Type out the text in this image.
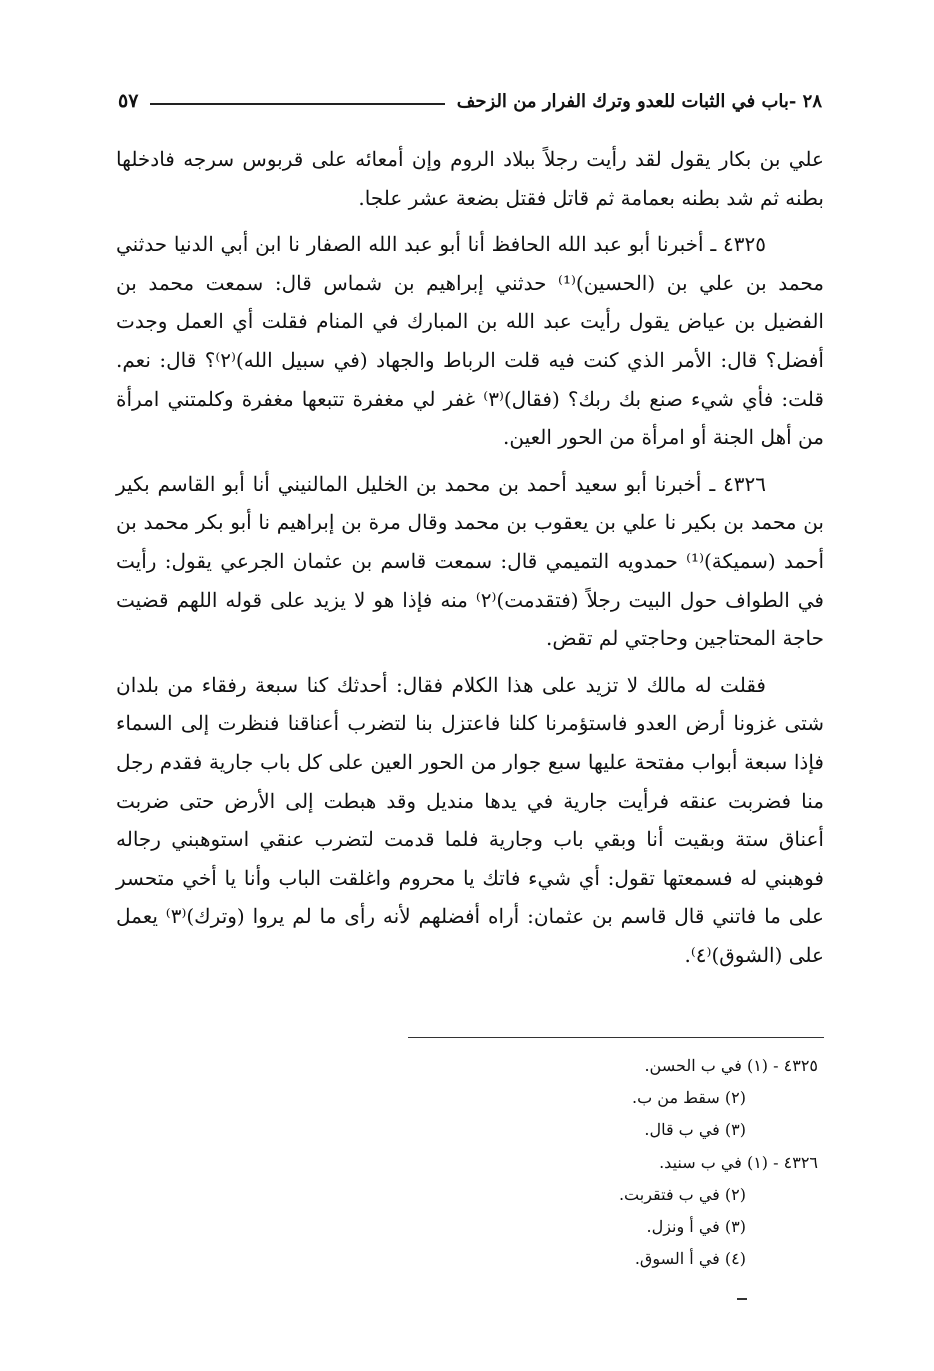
٢٨ -باب في الثبات للعدو وترك الفرار من الزحف
٥٧

علي بن بكار يقول لقد رأيت رجلاً ببلاد الروم وإن أمعائه على قربوس سرجه فادخلها بطنه ثم شد بطنه بعمامة ثم قاتل فقتل بضعة عشر علجا.

٤٣٢٥ ـ أخبرنا أبو عبد الله الحافظ أنا أبو عبد الله الصفار نا ابن أبي الدنيا حدثني محمد بن علي بن (الحسين)⁽¹⁾ حدثني إبراهيم بن شماس قال: سمعت محمد بن الفضيل بن عياض يقول رأيت عبد الله بن المبارك في المنام فقلت أي العمل وجدت أفضل؟ قال: الأمر الذي كنت فيه قلت الرباط والجهاد (في سبيل الله)⁽٢⁾؟ قال: نعم. قلت: فأي شيء صنع بك ربك؟ (فقال)⁽٣⁾ غفر لي مغفرة تتبعها مغفرة وكلمتني امرأة من أهل الجنة أو امرأة من الحور العين.

٤٣٢٦ ـ أخبرنا أبو سعيد أحمد بن محمد بن الخليل المالنيني أنا أبو القاسم بكير بن محمد بن بكير نا علي بن يعقوب بن محمد وقال مرة بن إبراهيم نا أبو بكر محمد بن أحمد (سميكة)⁽¹⁾ حمدويه التميمي قال: سمعت قاسم بن عثمان الجرعي يقول: رأيت في الطواف حول البيت رجلاً (فتقدمت)⁽٢⁾ منه فإذا هو لا يزيد على قوله اللهم قضيت حاجة المحتاجين وحاجتي لم تقض.

فقلت له مالك لا تزيد على هذا الكلام فقال: أحدثك كنا سبعة رفقاء من بلدان شتى غزونا أرض العدو فاستؤمرنا كلنا فاعتزل بنا لتضرب أعناقنا فنظرت إلى السماء فإذا سبعة أبواب مفتحة عليها سبع جوار من الحور العين على كل باب جارية فقدم رجل منا فضربت عنقه فرأيت جارية في يدها منديل وقد هبطت إلى الأرض حتى ضربت أعناق ستة وبقيت أنا وبقي باب وجارية فلما قدمت لتضرب عنقي استوهبني رجاله فوهبني له فسمعتها تقول: أي شيء فاتك يا محروم واغلقت الباب وأنا يا أخي متحسر على ما فاتني قال قاسم بن عثمان: أراه أفضلهم لأنه رأى ما لم يروا (وترك)⁽٣⁾ يعمل على (الشوق)⁽٤⁾.

٤٣٢٥ - (١) في ب الحسن.
(٢) سقط من ب.
(٣) في ب قال.
٤٣٢٦ - (١) في ب سنيد.
(٢) في ب فتقربت.
(٣) في أ ونزل.
(٤) في أ السوق.
